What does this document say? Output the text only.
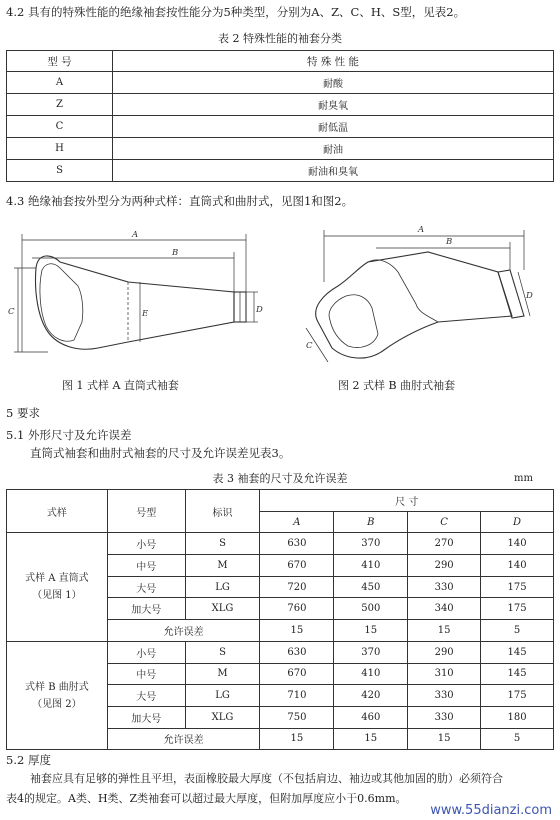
4.2 具有的特殊性能的绝缘袖套按性能分为5种类型，分别为A、Z、C、H、S型，见表2。
表 2 特殊性能的袖套分类
型 号	特 殊 性 能
A	耐酸
Z	耐臭氧
C	耐低温
H	耐油
S	耐油和臭氧
4.3 绝缘袖套按外型分为两种式样：直筒式和曲肘式，见图1和图2。
A
B
C	E	D
A
B
C
D
图 1 式样 A 直筒式袖套	图 2 式样 B 曲肘式袖套
5 要求
5.1 外形尺寸及允许误差
直筒式袖套和曲肘式袖套的尺寸及允许误差见表3。
表 3 袖套的尺寸及允许误差	mm
式样	号型	标识	尺 寸			
			A	B	C	D
式样 A 直筒式
（见图 1）	小号	S	630	370	270	140
	中号	M	670	410	290	140
	大号	LG	720	450	330	175
	加大号	XLG	760	500	340	175
	允许误差		15	15	15	5
式样 B 曲肘式
（见图 2）	小号	S	630	370	290	145
	中号	M	670	410	310	145
	大号	LG	710	420	330	175
	加大号	XLG	750	460	330	180
	允许误差		15	15	15	5
5.2 厚度
袖套应具有足够的弹性且平坦，表面橡胶最大厚度（不包括肩边、袖边或其他加固的肋）必须符合
表4的规定。A类、H类、Z类袖套可以超过最大厚度，但附加厚度应小于0.6mm。
www.55dianzi.com
